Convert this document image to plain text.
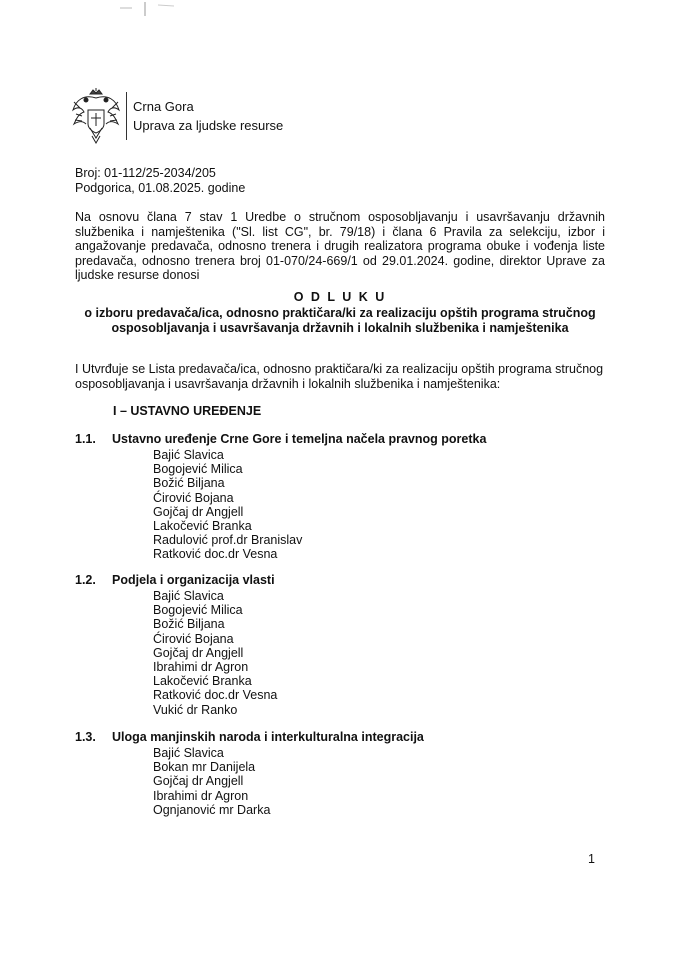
Crna Gora
Uprava za ljudske resurse
Broj: 01-112/25-2034/205
Podgorica, 01.08.2025. godine
Na osnovu člana 7 stav 1 Uredbe o stručnom osposobljavanju i usavršavanju državnih službenika i namještenika ("Sl. list CG", br. 79/18) i člana 6 Pravila za selekciju, izbor i angažovanje predavača, odnosno trenera i drugih realizatora programa obuke i vođenja liste predavača, odnosno trenera broj 01-070/24-669/1 od 29.01.2024. godine, direktor Uprave za ljudske resurse donosi
O D L U K U
o izboru predavača/ica, odnosno praktičara/ki za realizaciju opštih programa stručnog
osposobljavanja i usavršavanja državnih i lokalnih službenika i namještenika
I Utvrđuje se Lista predavača/ica, odnosno praktičara/ki za realizaciju opštih programa stručnog osposobljavanja i usavršavanja državnih i lokalnih službenika i namještenika:
I – USTAVNO UREĐENJE
1.1.	Ustavno uređenje Crne Gore i temeljna načela pravnog poretka
Bajić Slavica
Bogojević Milica
Božić Biljana
Ćirović Bojana
Gojčaj dr Angjell
Lakočević Branka
Radulović prof.dr Branislav
Ratković doc.dr Vesna
1.2.	Podjela i organizacija vlasti
Bajić Slavica
Bogojević Milica
Božić Biljana
Ćirović Bojana
Gojčaj dr Angjell
Ibrahimi dr Agron
Lakočević Branka
Ratković doc.dr Vesna
Vukić dr Ranko
1.3.	Uloga manjinskih naroda i interkulturalna integracija
Bajić Slavica
Bokan mr Danijela
Gojčaj dr Angjell
Ibrahimi dr Agron
Ognjanović mr Darka
1
